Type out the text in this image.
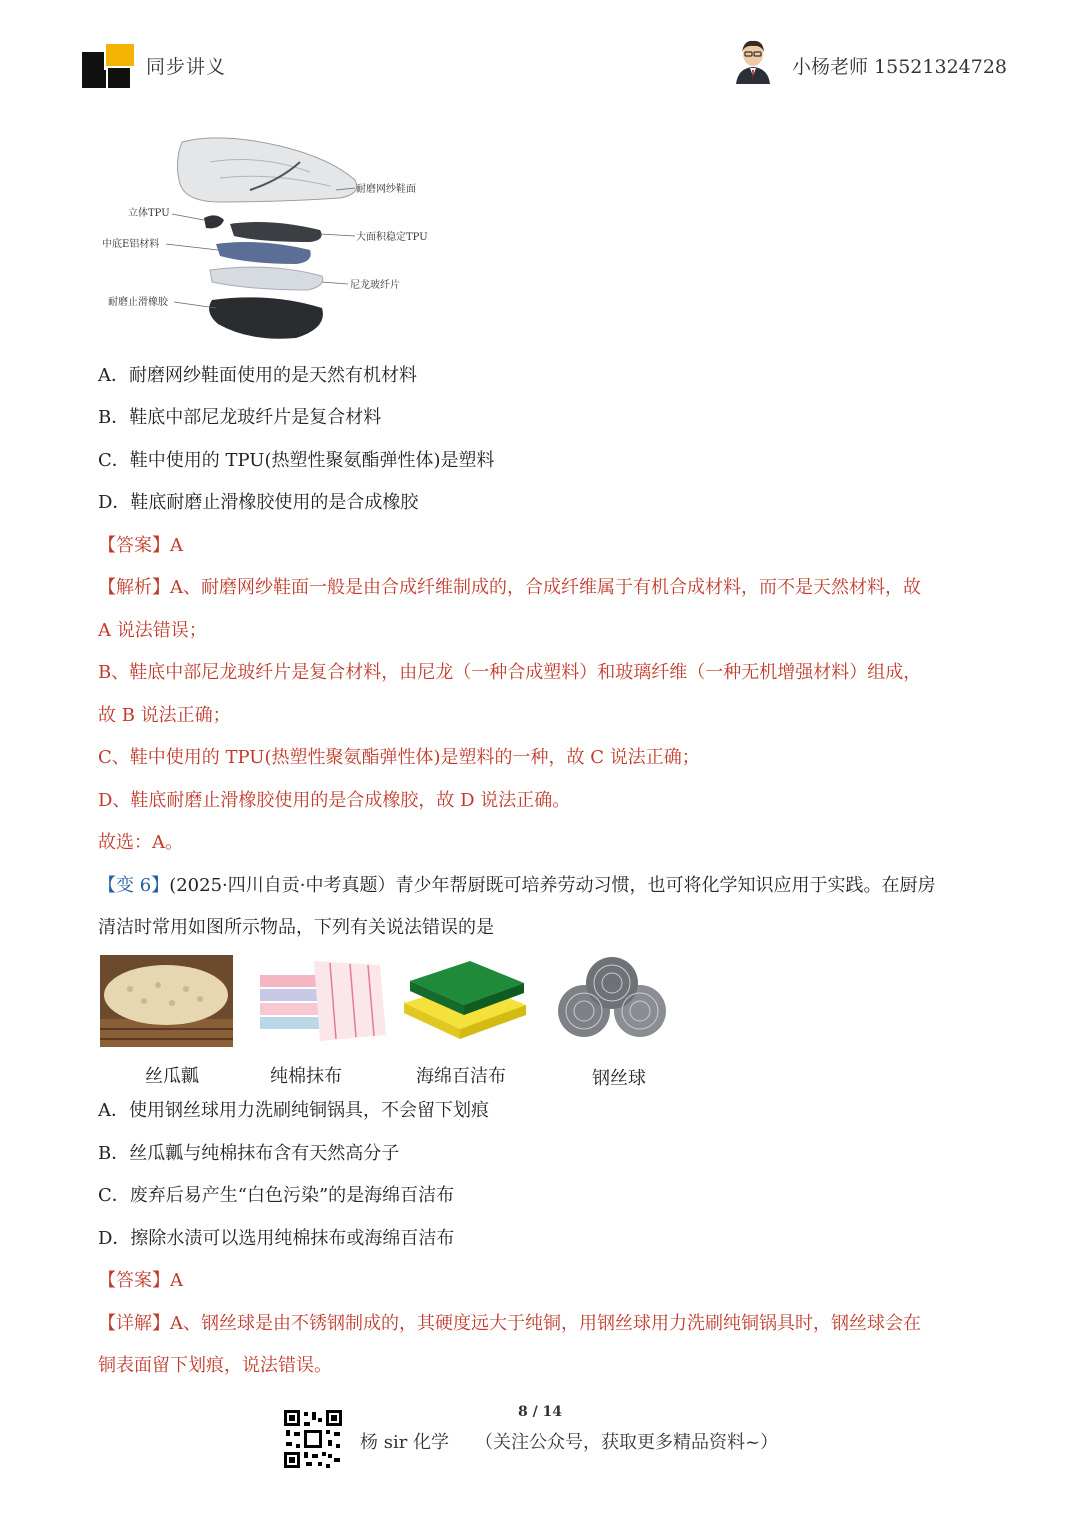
同步讲义	小杨老师 15521324728
耐磨网纱鞋面
立体TPU
大面积稳定TPU
中底E铝材料
尼龙玻纤片
耐磨止滑橡胶
A．耐磨网纱鞋面使用的是天然有机材料
B．鞋底中部尼龙玻纤片是复合材料
C．鞋中使用的 TPU(热塑性聚氨酯弹性体)是塑料
D．鞋底耐磨止滑橡胶使用的是合成橡胶
【答案】A
【解析】A、耐磨网纱鞋面一般是由合成纤维制成的，合成纤维属于有机合成材料，而不是天然材料，故
A 说法错误；
B、鞋底中部尼龙玻纤片是复合材料，由尼龙（一种合成塑料）和玻璃纤维（一种无机增强材料）组成，
故 B 说法正确；
C、鞋中使用的 TPU(热塑性聚氨酯弹性体)是塑料的一种，故 C 说法正确；
D、鞋底耐磨止滑橡胶使用的是合成橡胶，故 D 说法正确。
故选：A。
【变 6】(2025·四川自贡·中考真题）青少年帮厨既可培养劳动习惯，也可将化学知识应用于实践。在厨房
清洁时常用如图所示物品，下列有关说法错误的是
丝瓜瓤	纯棉抹布	海绵百洁布	钢丝球
A．使用钢丝球用力洗刷纯铜锅具，不会留下划痕
B．丝瓜瓤与纯棉抹布含有天然高分子
C．废弃后易产生“白色污染”的是海绵百洁布
D．擦除水渍可以选用纯棉抹布或海绵百洁布
【答案】A
【详解】A、钢丝球是由不锈钢制成的，其硬度远大于纯铜，用钢丝球用力洗刷纯铜锅具时，钢丝球会在
铜表面留下划痕，说法错误。
8 / 14
杨 sir 化学 （关注公众号，获取更多精品资料~）
